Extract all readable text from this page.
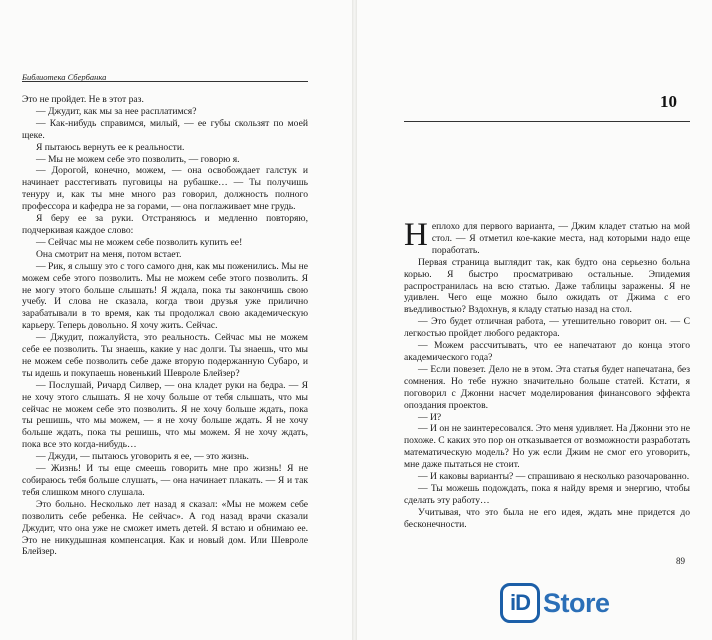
Библиотека Сбербанка

Это не пройдет. Не в этот раз.

— Джудит, как мы за нее расплатимся?

— Как-нибудь справимся, милый, — ее губы скользят по моей щеке.

Я пытаюсь вернуть ее к реальности.

— Мы не можем себе это позволить, — говорю я.

— Дорогой, конечно, можем, — она освобождает галстук и начинает расстегивать пуговицы на рубашке… — Ты получишь тенуру и, как ты мне много раз говорил, должность полного профессора и кафедра не за горами, — она поглаживает мне грудь.

Я беру ее за руки. Отстраняюсь и медленно повторяю, подчеркивая каждое слово:

— Сейчас мы не можем себе позволить купить ее!

Она смотрит на меня, потом встает.

— Рик, я слышу это с того самого дня, как мы поженились. Мы не можем себе этого позволить. Мы не можем себе этого позволить. Я не могу этого больше слышать! Я ждала, пока ты закончишь свою учебу. И слова не сказала, когда твои друзья уже прилично зарабатывали в то время, как ты продолжал свою академическую карьеру. Теперь довольно. Я хочу жить. Сейчас.

— Джудит, пожалуйста, это реальность. Сейчас мы не можем себе ее позволить. Ты знаешь, какие у нас долги. Ты знаешь, что мы не можем себе позволить себе даже вторую подержанную Субаро, и ты идешь и покупаешь новенький Шевроле Блейзер?

— Послушай, Ричард Силвер, — она кладет руки на бедра. — Я не хочу этого слышать. Я не хочу больше от тебя слышать, что мы сейчас не можем себе это позволить. Я не хочу больше ждать, пока ты решишь, что мы можем, — я не хочу больше ждать. Я не хочу больше ждать, пока ты решишь, что мы можем. Я не хочу ждать, пока все это когда-нибудь…

— Джуди, — пытаюсь уговорить я ее, — это жизнь.

— Жизнь! И ты еще смеешь говорить мне про жизнь! Я не собираюсь тебя больше слушать, — она начинает плакать. — Я и так тебя слишком много слушала.

Это больно. Несколько лет назад я сказал: «Мы не можем себе позволить себе ребенка. Не сейчас». А год назад врачи сказали Джудит, что она уже не сможет иметь детей. Я встаю и обнимаю ее. Это не никудышная компенсация. Как и новый дом. Или Шевроле Блейзер.

10

Неплохо для первого варианта, — Джим кладет статью на мой стол. — Я отметил кое-какие места, над которыми надо еще поработать.

Первая страница выглядит так, как будто она серьезно больна корью. Я быстро просматриваю остальные. Эпидемия распространилась на всю статью. Даже таблицы заражены. Я не удивлен. Чего еще можно было ожидать от Джима с его въедливостью? Вздохнув, я кладу статью назад на стол.

— Это будет отличная работа, — утешительно говорит он. — С легкостью пройдет любого редактора.

— Можем рассчитывать, что ее напечатают до конца этого академического года?

— Если повезет. Дело не в этом. Эта статья будет напечатана, без сомнения. Но тебе нужно значительно больше статей. Кстати, я поговорил с Джонни насчет моделирования финансового эффекта опоздания проектов.

— И?

— И он не заинтересовался. Это меня удивляет. На Джонни это не похоже. С каких это пор он отказывается от возможности разработать математическую модель? Но уж если Джим не смог его уговорить, мне даже пытаться не стоит.

— И каковы варианты? — спрашиваю я несколько разочарованно.

— Ты можешь подождать, пока я найду время и энергию, чтобы сделать эту работу…

Учитывая, что это была не его идея, ждать мне придется до бесконечности.

89
iD Store
